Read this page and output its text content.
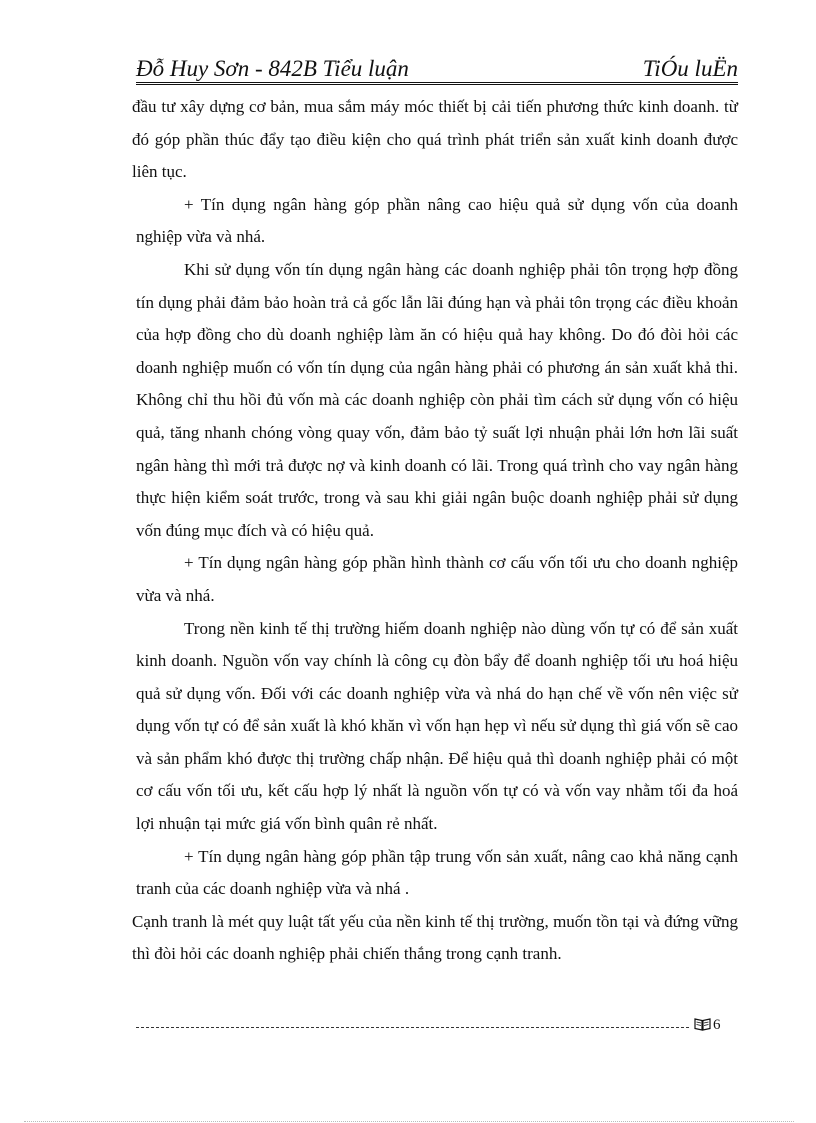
Đỗ Huy Sơn - 842B Tiểu luận	TiÓu luËn

đầu tư xây dựng cơ bản, mua sắm máy móc thiết bị cải tiến phương thức kinh doanh. từ đó góp phần thúc đẩy tạo điều kiện cho quá trình phát triển sản xuất kinh doanh được liên tục.

+ Tín dụng ngân hàng góp phần nâng cao hiệu quả sử dụng vốn của doanh nghiệp vừa và nhá.

Khi sử dụng vốn tín dụng ngân hàng các doanh nghiệp phải tôn trọng hợp đồng tín dụng phải đảm bảo hoàn trả cả gốc lẫn lãi đúng hạn và phải tôn trọng các điều khoản của hợp đồng cho dù doanh nghiệp làm ăn có hiệu quả hay không. Do đó đòi hỏi các doanh nghiệp muốn có vốn tín dụng của ngân hàng phải có phương án sản xuất khả thi. Không chỉ thu hồi đủ vốn mà các doanh nghiệp còn phải tìm cách sử dụng vốn có hiệu quả, tăng nhanh chóng vòng quay vốn, đảm bảo tỷ suất lợi nhuận phải lớn hơn lãi suất ngân hàng thì mới trả được nợ và kinh doanh có lãi. Trong quá trình cho vay ngân hàng thực hiện kiểm soát trước, trong và sau khi giải ngân buộc doanh nghiệp phải sử dụng vốn đúng mục đích và có hiệu quả.

+ Tín dụng ngân hàng góp phần hình thành cơ cấu vốn tối ưu cho doanh nghiệp vừa và nhá.

Trong nền kinh tế thị trường hiếm doanh nghiệp nào dùng vốn tự có để sản xuất kinh doanh. Nguồn vốn vay chính là công cụ đòn bẩy để doanh nghiệp tối ưu hoá hiệu quả sử dụng vốn. Đối với các doanh nghiệp vừa và nhá do hạn chế về vốn nên việc sử dụng vốn tự có để sản xuất là khó khăn vì vốn hạn hẹp vì nếu sử dụng thì giá vốn sẽ cao và sản phẩm khó được thị trường chấp nhận. Để hiệu quả thì doanh nghiệp phải có một cơ cấu vốn tối ưu, kết cấu hợp lý nhất là nguồn vốn tự có và vốn vay nhằm tối đa hoá lợi nhuận tại mức giá vốn bình quân rẻ nhất.

+ Tín dụng ngân hàng góp phần tập trung vốn sản xuất, nâng cao khả năng cạnh tranh của các doanh nghiệp vừa và nhá .

Cạnh tranh là mét quy luật tất yếu của nền kinh tế thị trường, muốn tồn tại và đứng vững thì đòi hỏi các doanh nghiệp phải chiến thắng trong cạnh tranh.

6
